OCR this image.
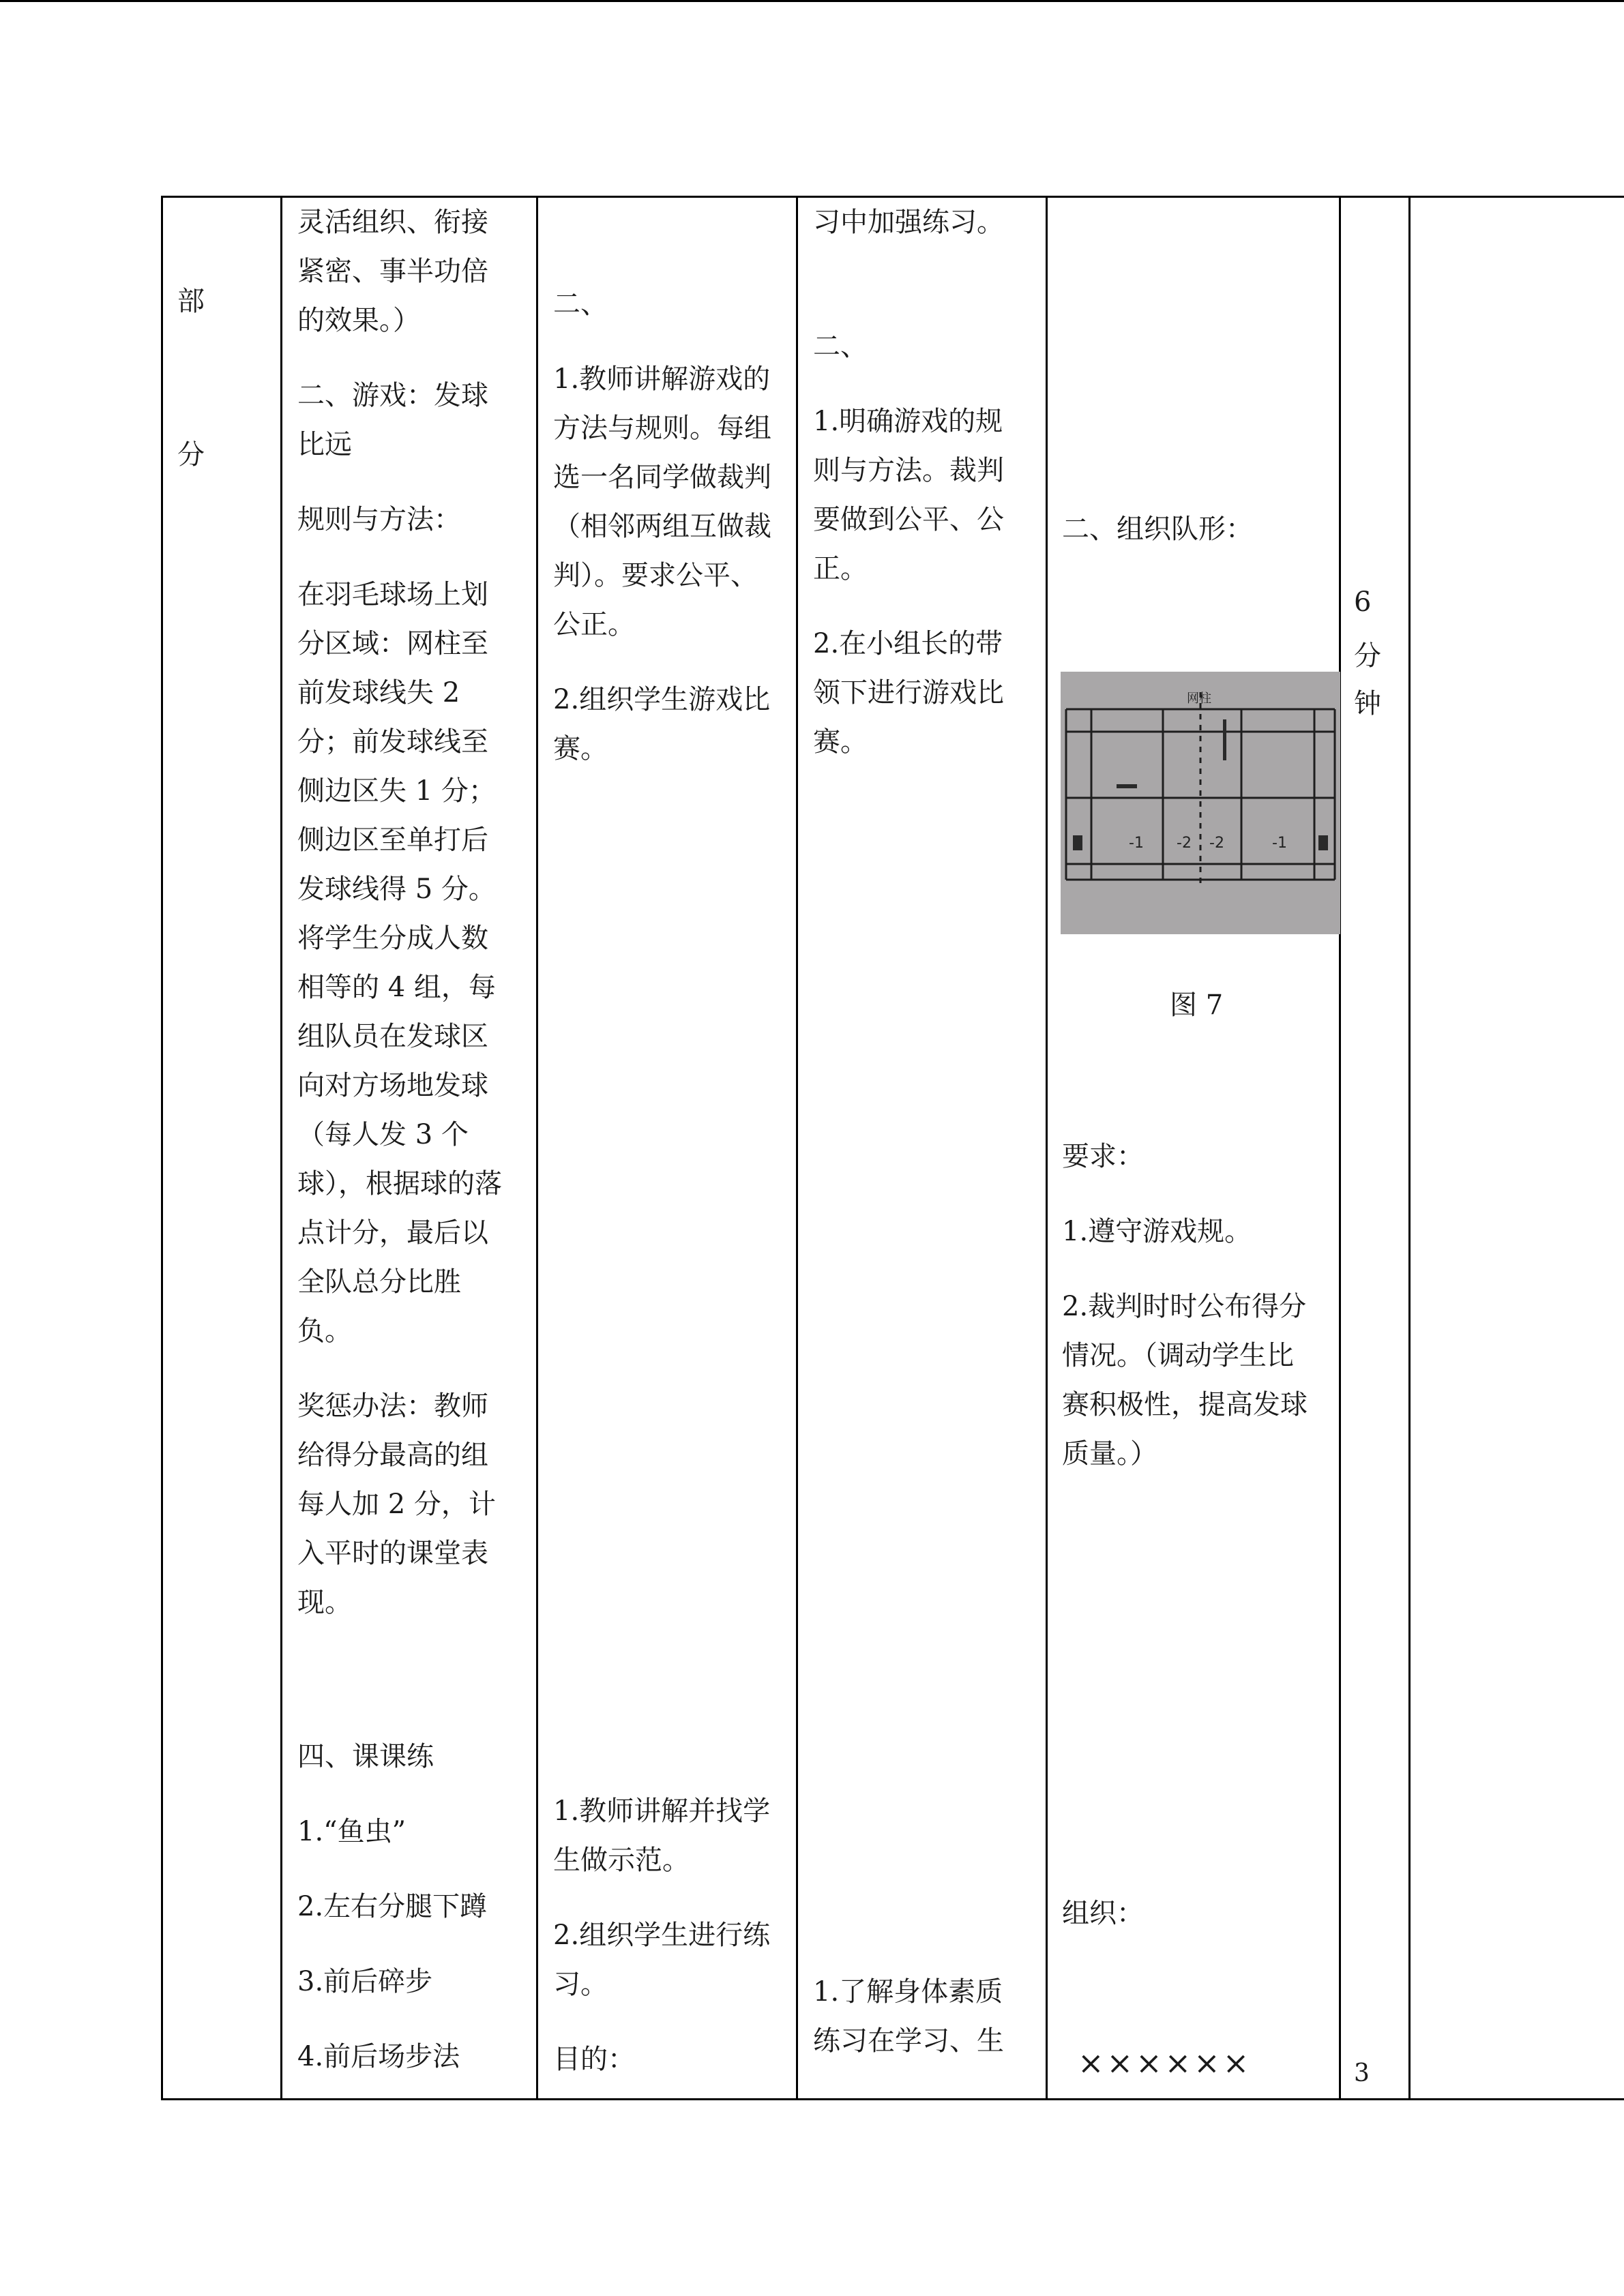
部
分

灵活组织、衔接
紧密、事半功倍
的效果。）

二、游戏：发球
比远

规则与方法：

在羽毛球场上划
分区域：网柱至
前发球线失 2
分；前发球线至
侧边区失 1 分；
侧边区至单打后
发球线得 5 分。
将学生分成人数
相等的 4 组，每
组队员在发球区
向对方场地发球
（每人发 3 个
球），根据球的落
点计分，最后以
全队总分比胜
负。

奖惩办法：教师
给得分最高的组
每人加 2 分，计
入平时的课堂表
现。

四、课课练

1.“鱼虫”

2.左右分腿下蹲

3.前后碎步

4.前后场步法

二、

1.教师讲解游戏的
方法与规则。每组
选一名同学做裁判
（相邻两组互做裁
判）。要求公平、
公正。

2.组织学生游戏比
赛。

1.教师讲解并找学
生做示范。

2.组织学生进行练
习。

目的：

习中加强练习。

二、

1.明确游戏的规
则与方法。裁判
要做到公平、公
正。

2.在小组长的带
领下进行游戏比
赛。

1.了解身体素质
练习在学习、生
二、组织队形：
网柱
-1 -2 -2	-1
图 7

要求：

1.遵守游戏规。

2.裁判时时公布得分
情况。（调动学生比
赛积极性，提高发球
质量。）

组织：
××××××
6
分
钟
3
